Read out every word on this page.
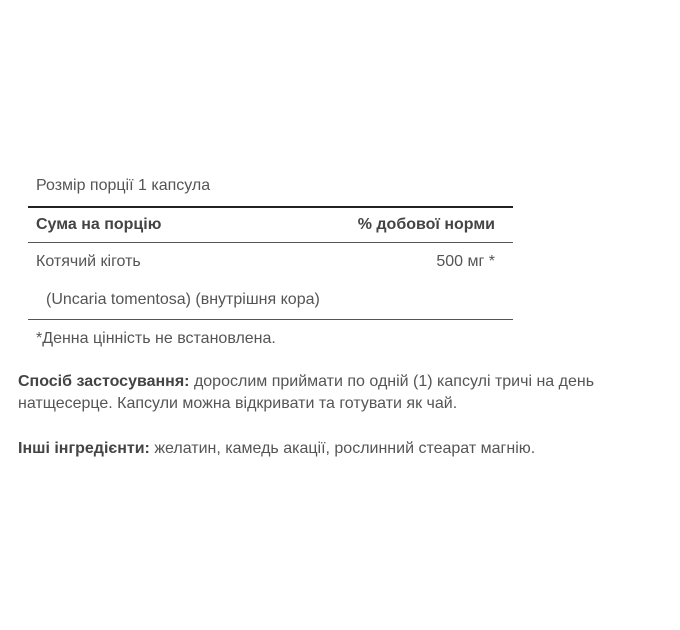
Розмір порції 1 капсула
Сума на порцію	% добової норми
Котячий кіготь	500 мг *
(Uncaria tomentosa) (внутрішня кора)
*Денна цінність не встановлена.
Спосіб застосування: дорослим приймати по одній (1) капсулі тричі на день натщесерце. Капсули можна відкривати та готувати як чай.
Інші інгредієнти: желатин, камедь акації, рослинний стеарат магнію.
